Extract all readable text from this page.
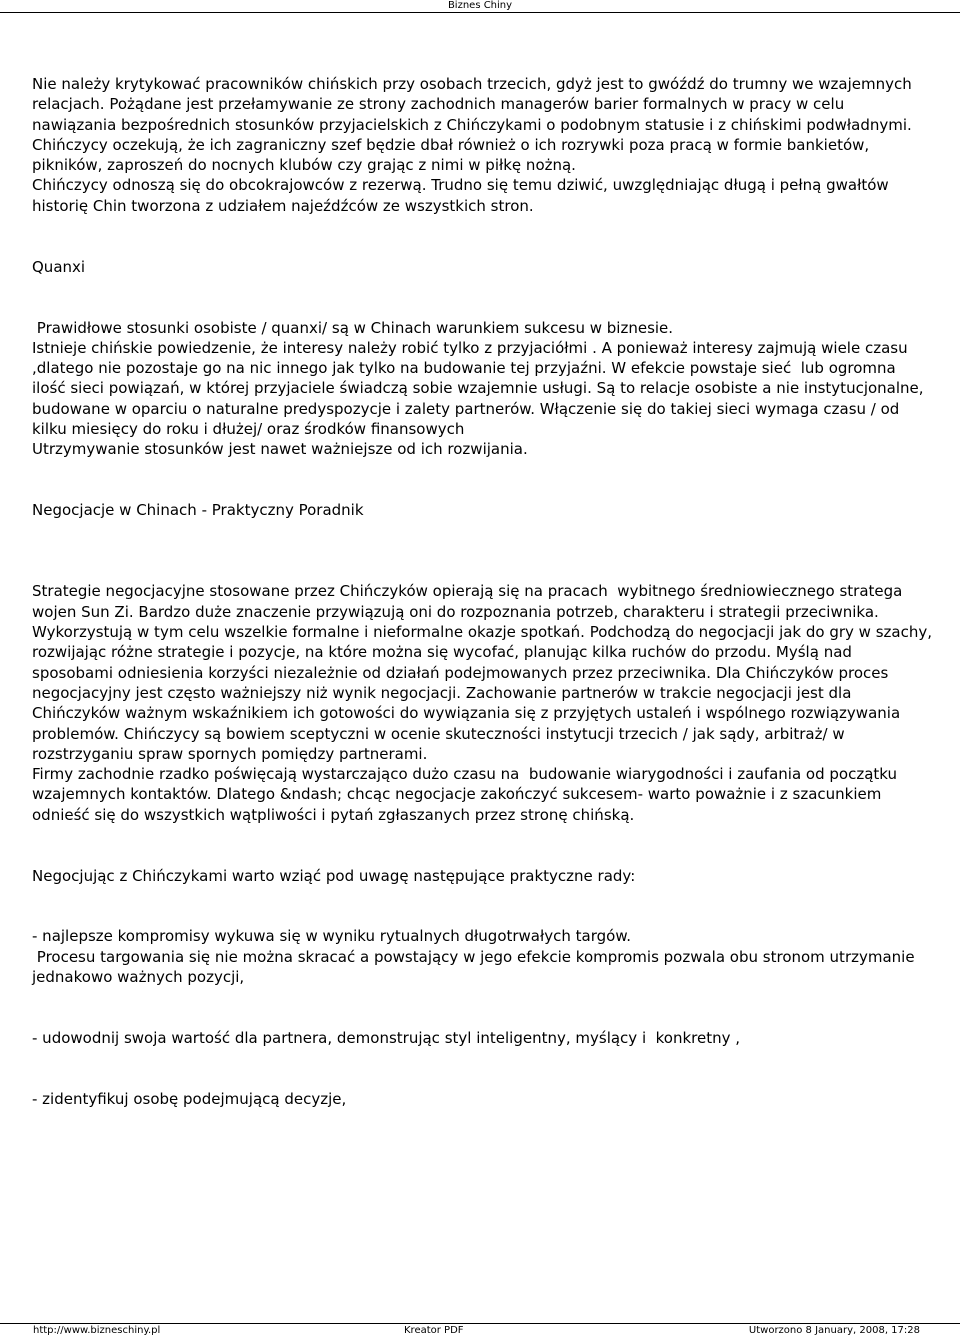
Biznes Chiny

Nie należy krytykować pracowników chińskich przy osobach trzecich, gdyż jest to gwóźdź do trumny we wzajemnych relacjach. Pożądane jest przełamywanie ze strony zachodnich managerów barier formalnych w pracy w celu nawiązania bezpośrednich stosunków przyjacielskich z Chińczykami o podobnym statusie i z chińskimi podwładnymi. Chińczycy oczekują, że ich zagraniczny szef będzie dbał również o ich rozrywki poza pracą w formie bankietów, pikników, zaproszeń do nocnych klubów czy grając z nimi w piłkę nożną.

Chińczycy odnoszą się do obcokrajowców z rezerwą. Trudno się temu dziwić, uwzględniając długą i pełną gwałtów historię Chin tworzona z udziałem najeźdźców ze wszystkich stron.

Quanxi

Prawidłowe stosunki osobiste / quanxi/ są w Chinach warunkiem sukcesu w biznesie.

Istnieje chińskie powiedzenie, że interesy należy robić tylko z przyjaciółmi . A ponieważ interesy zajmują wiele czasu ,dlatego nie pozostaje go na nic innego jak tylko na budowanie tej przyjaźni. W efekcie powstaje sieć  lub ogromna ilość sieci powiązań, w której przyjaciele świadczą sobie wzajemnie usługi. Są to relacje osobiste a nie instytucjonalne, budowane w oparciu o naturalne predyspozycje i zalety partnerów. Włączenie się do takiej sieci wymaga czasu / od kilku miesięcy do roku i dłużej/ oraz środków finansowych

Utrzymywanie stosunków jest nawet ważniejsze od ich rozwijania.

Negocjacje w Chinach - Praktyczny Poradnik

Strategie negocjacyjne stosowane przez Chińczyków opierają się na pracach  wybitnego średniowiecznego stratega wojen Sun Zi. Bardzo duże znaczenie przywiązują oni do rozpoznania potrzeb, charakteru i strategii przeciwnika. Wykorzystują w tym celu wszelkie formalne i nieformalne okazje spotkań. Podchodzą do negocjacji jak do gry w szachy, rozwijając różne strategie i pozycje, na które można się wycofać, planując kilka ruchów do przodu. Myślą nad sposobami odniesienia korzyści niezależnie od działań podejmowanych przez przeciwnika. Dla Chińczyków proces negocjacyjny jest często ważniejszy niż wynik negocjacji. Zachowanie partnerów w trakcie negocjacji jest dla Chińczyków ważnym wskaźnikiem ich gotowości do wywiązania się z przyjętych ustaleń i wspólnego rozwiązywania problemów. Chińczycy są bowiem sceptyczni w ocenie skuteczności instytucji trzecich / jak sądy, arbitraż/ w rozstrzyganiu spraw spornych pomiędzy partnerami.

Firmy zachodnie rzadko poświęcają wystarczająco dużo czasu na  budowanie wiarygodności i zaufania od początku wzajemnych kontaktów. Dlatego &ndash; chcąc negocjacje zakończyć sukcesem- warto poważnie i z szacunkiem odnieść się do wszystkich wątpliwości i pytań zgłaszanych przez stronę chińską.

Negocjując z Chińczykami warto wziąć pod uwagę następujące praktyczne rady:

- najlepsze kompromisy wykuwa się w wyniku rytualnych długotrwałych targów.

Procesu targowania się nie można skracać a powstający w jego efekcie kompromis pozwala obu stronom utrzymanie jednakowo ważnych pozycji,

- udowodnij swoja wartość dla partnera, demonstrując styl inteligentny, myślący i  konkretny ,

- zidentyfikuj osobę podejmującą decyzje,

http://www.bizneschiny.pl	Kreator PDF	Utworzono 8 January, 2008, 17:28
